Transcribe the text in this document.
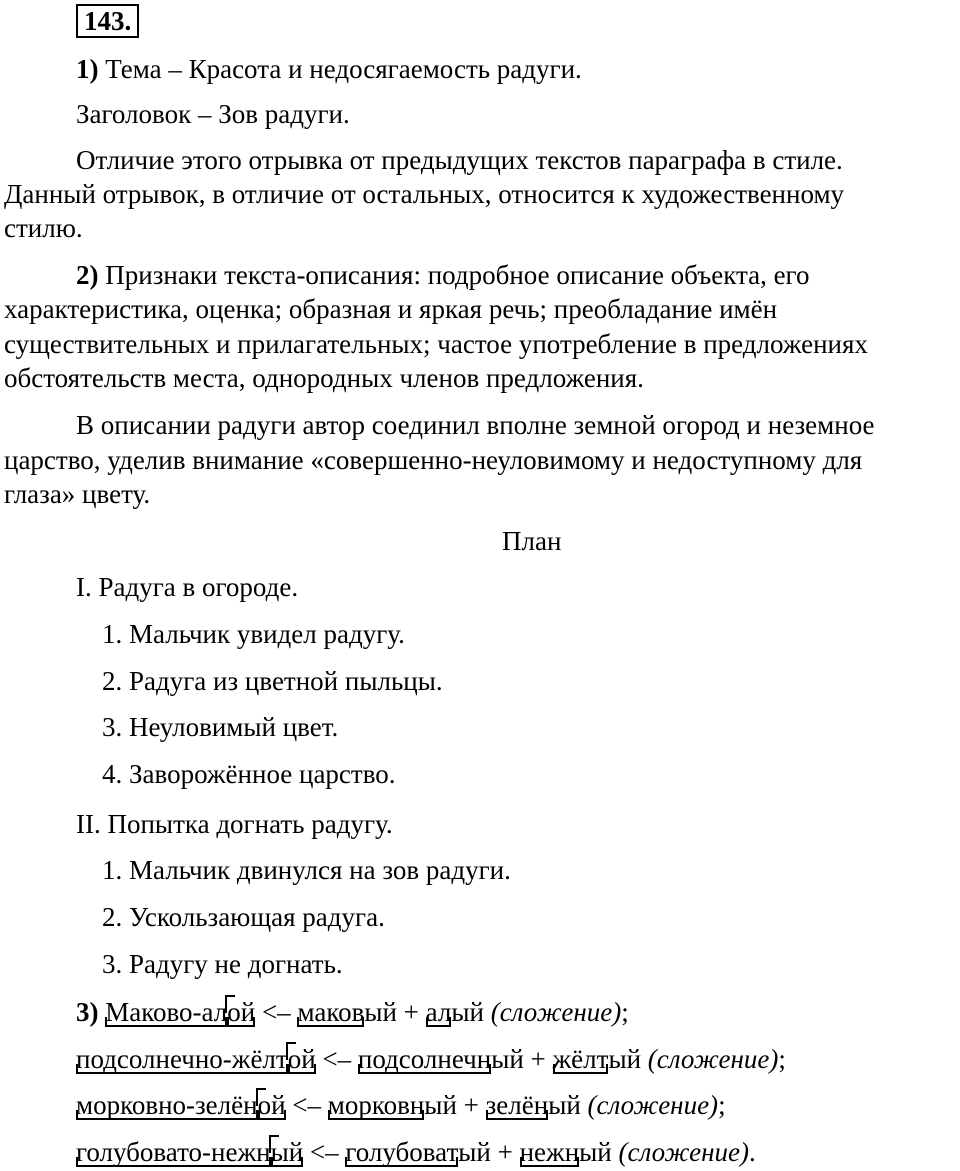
143.
1) Тема – Красота и недосягаемость радуги.
Заголовок – Зов радуги.
Отличие этого отрывка от предыдущих текстов параграфа в стиле.
Данный отрывок, в отличие от остальных, относится к художественному
стилю.
2) Признаки текста-описания: подробное описание объекта, его
характеристика, оценка; образная и яркая речь; преобладание имён
существительных и прилагательных; частое употребление в предложениях
обстоятельств места, однородных членов предложения.
В описании радуги автор соединил вполне земной огород и неземное
царство, уделив внимание «совершенно-неуловимому и недоступному для
глаза» цвету.
План
I. Радуга в огороде.
1. Мальчик увидел радугу.
2. Радуга из цветной пыльцы.
3. Неуловимый цвет.
4. Заворожённое царство.
II. Попытка догнать радугу.
1. Мальчик двинулся на зов радуги.
2. Ускользающая радуга.
3. Радугу не догнать.
3) Маково-алой <– маковый + алый (сложение);
подсолнечно-жёлтой <– подсолнечный + жёлтый (сложение);
морковно-зелёной <– морковный + зелёный (сложение);
голубовато-нежный <– голубоватый + нежный (сложение).
